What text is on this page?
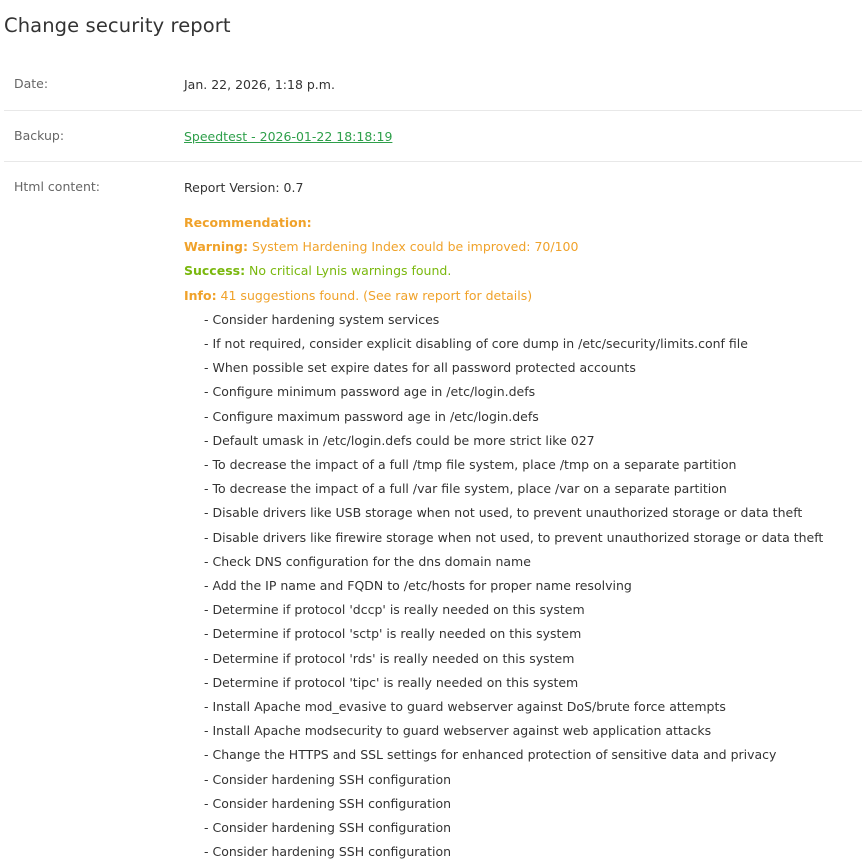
Change security report
Date:	Jan. 22, 2026, 1:18 p.m.
Backup:	Speedtest - 2026-01-22 18:18:19
Html content:	Report Version: 0.7
Recommendation:
Warning: System Hardening Index could be improved: 70/100
Success: No critical Lynis warnings found.
Info: 41 suggestions found. (See raw report for details)
- Consider hardening system services
- If not required, consider explicit disabling of core dump in /etc/security/limits.conf file
- When possible set expire dates for all password protected accounts
- Configure minimum password age in /etc/login.defs
- Configure maximum password age in /etc/login.defs
- Default umask in /etc/login.defs could be more strict like 027
- To decrease the impact of a full /tmp file system, place /tmp on a separate partition
- To decrease the impact of a full /var file system, place /var on a separate partition
- Disable drivers like USB storage when not used, to prevent unauthorized storage or data theft
- Disable drivers like firewire storage when not used, to prevent unauthorized storage or data theft
- Check DNS configuration for the dns domain name
- Add the IP name and FQDN to /etc/hosts for proper name resolving
- Determine if protocol 'dccp' is really needed on this system
- Determine if protocol 'sctp' is really needed on this system
- Determine if protocol 'rds' is really needed on this system
- Determine if protocol 'tipc' is really needed on this system
- Install Apache mod_evasive to guard webserver against DoS/brute force attempts
- Install Apache modsecurity to guard webserver against web application attacks
- Change the HTTPS and SSL settings for enhanced protection of sensitive data and privacy
- Consider hardening SSH configuration
- Consider hardening SSH configuration
- Consider hardening SSH configuration
- Consider hardening SSH configuration
